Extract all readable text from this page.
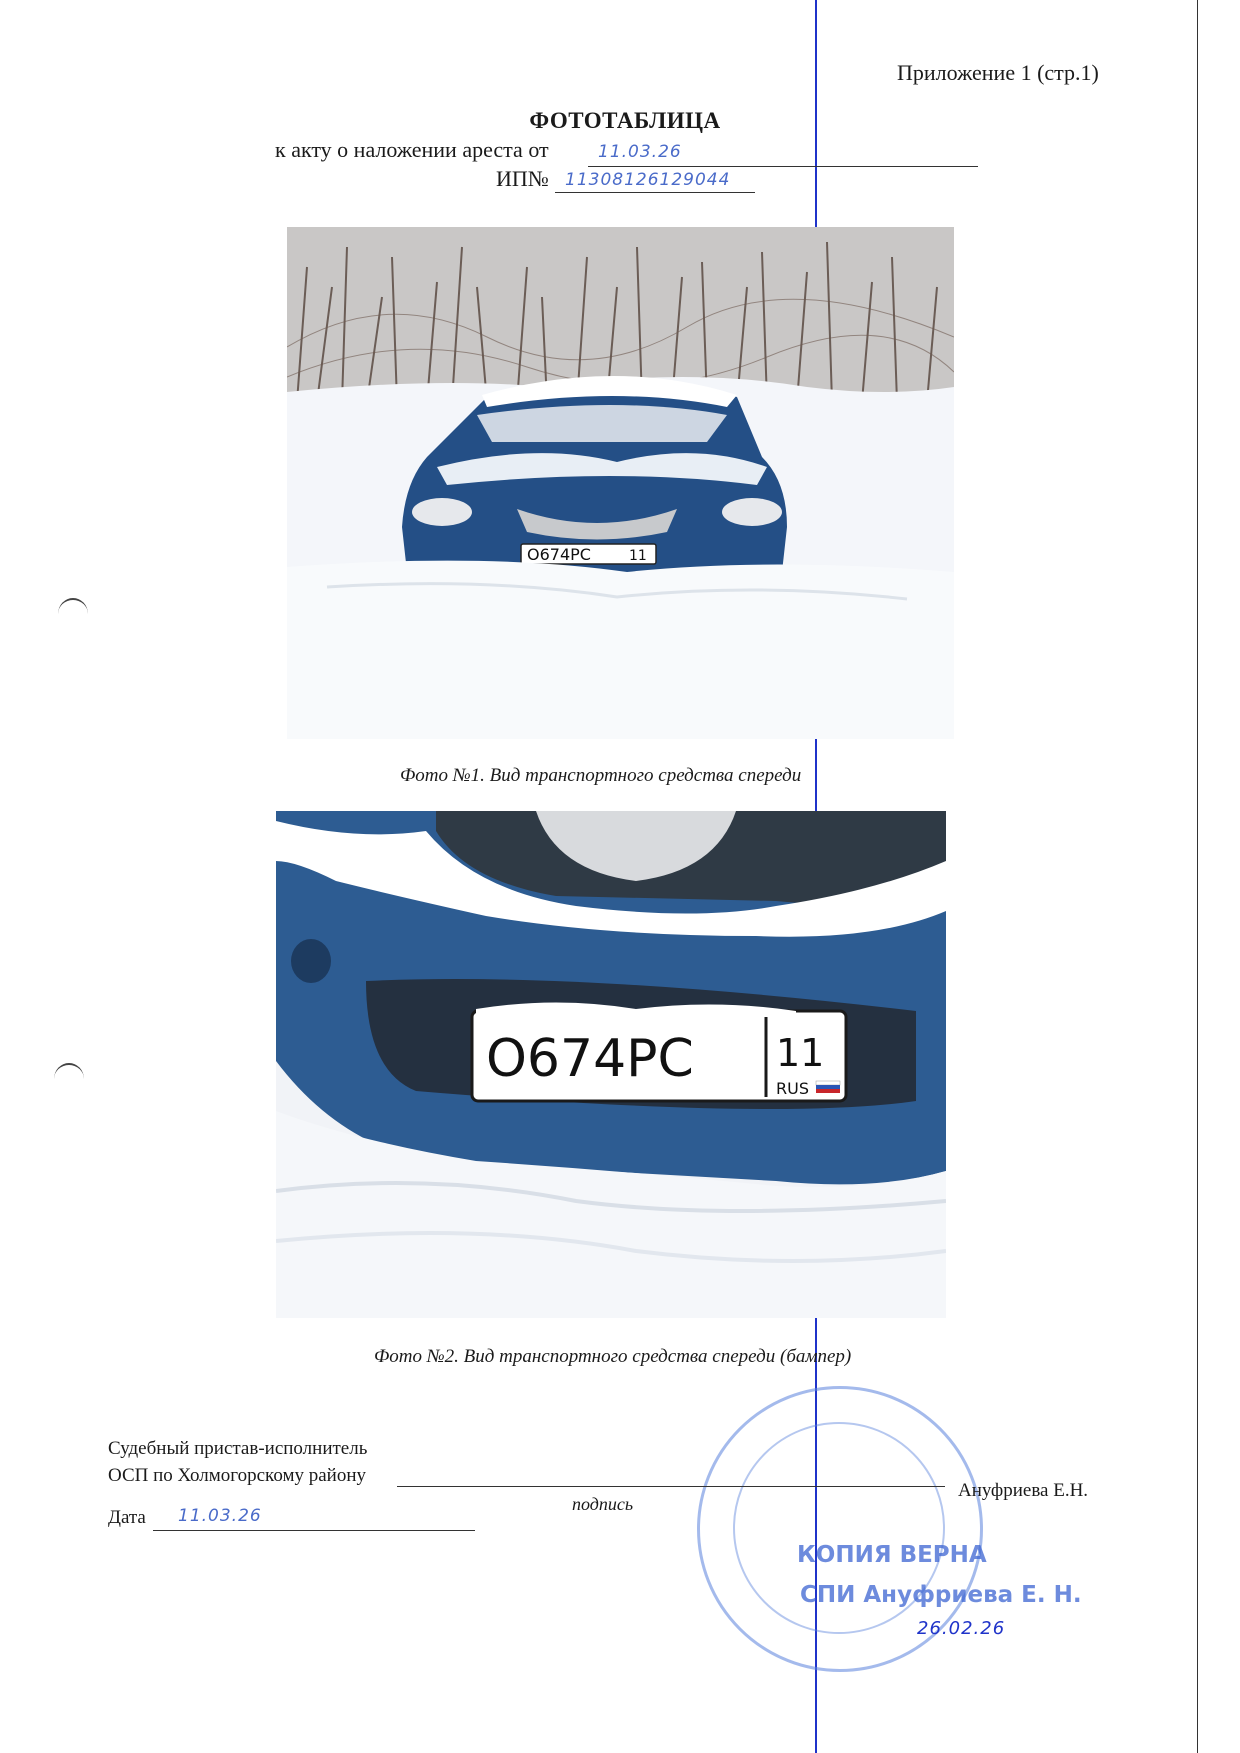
Приложение 1 (стр.1)
ФОТОТАБЛИЦА
к акту о наложении ареста от	11.03.26
ИП№ 11308126129044
О674РС	11
Фото №1. Вид транспортного средства спереди
О674РС 11
RUS
Фото №2. Вид транспортного средства спереди (бампер)
КОПИЯ ВЕРНА
СПИ Ануфриева Е. Н.
26.02.26
Судебный пристав-исполнитель
ОСП по Холмогорскому району
подпись
Ануфриева Е.Н.
Дата 11.03.26
